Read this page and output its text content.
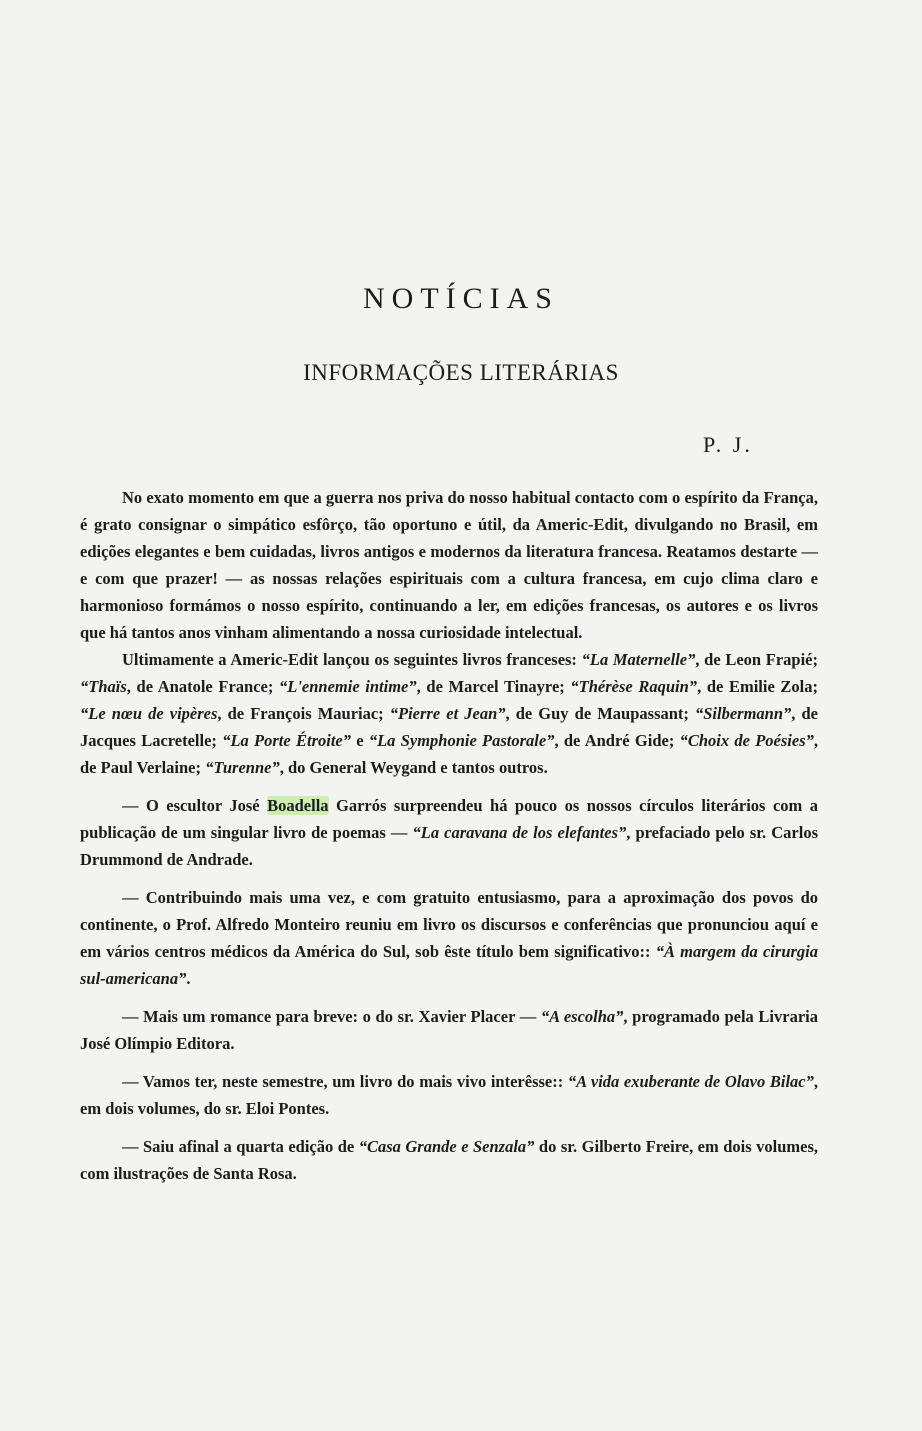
NOTÍCIAS
INFORMAÇÕES LITERÁRIAS
P. J.

No exato momento em que a guerra nos priva do nosso habitual contacto com o espírito da França, é grato consignar o simpático esfôrço, tão oportuno e útil, da Americ-Edit, divulgando no Brasil, em edições elegantes e bem cuidadas, livros antigos e modernos da literatura francesa. Reatamos destarte — e com que prazer! — as nossas relações espirituais com a cultura francesa, em cujo clima claro e harmonioso formámos o nosso espírito, continuando a ler, em edições francesas, os autores e os livros que há tantos anos vinham alimentando a nossa curiosidade intelectual.

Ultimamente a Americ-Edit lançou os seguintes livros franceses: “La Maternelle”, de Leon Frapié; “Thaïs, de Anatole France; “L'ennemie intime”, de Marcel Tinayre; “Thérèse Raquin”, de Emilie Zola; “Le nœu de vipères, de François Mauriac; “Pierre et Jean”, de Guy de Maupassant; “Silbermann”, de Jacques Lacretelle; “La Porte Étroite” e “La Symphonie Pastorale”, de André Gide; “Choix de Poésies”, de Paul Verlaine; “Turenne”, do General Weygand e tantos outros.

— O escultor José Boadella Garrós surpreendeu há pouco os nossos círculos literários com a publicação de um singular livro de poemas — “La caravana de los elefantes”, prefaciado pelo sr. Carlos Drummond de Andrade.

— Contribuindo mais uma vez, e com gratuito entusiasmo, para a aproximação dos povos do continente, o Prof. Alfredo Monteiro reuniu em livro os discursos e conferências que pronunciou aquí e em vários centros médicos da América do Sul, sob êste título bem significativo:: “À margem da cirurgia sul-americana”.

— Mais um romance para breve: o do sr. Xavier Placer — “A escolha”, programado pela Livraria José Olímpio Editora.

— Vamos ter, neste semestre, um livro do mais vivo interêsse:: “A vida exuberante de Olavo Bilac”, em dois volumes, do sr. Eloi Pontes.

— Saiu afinal a quarta edição de “Casa Grande e Senzala” do sr. Gilberto Freire, em dois volumes, com ilustrações de Santa Rosa.
